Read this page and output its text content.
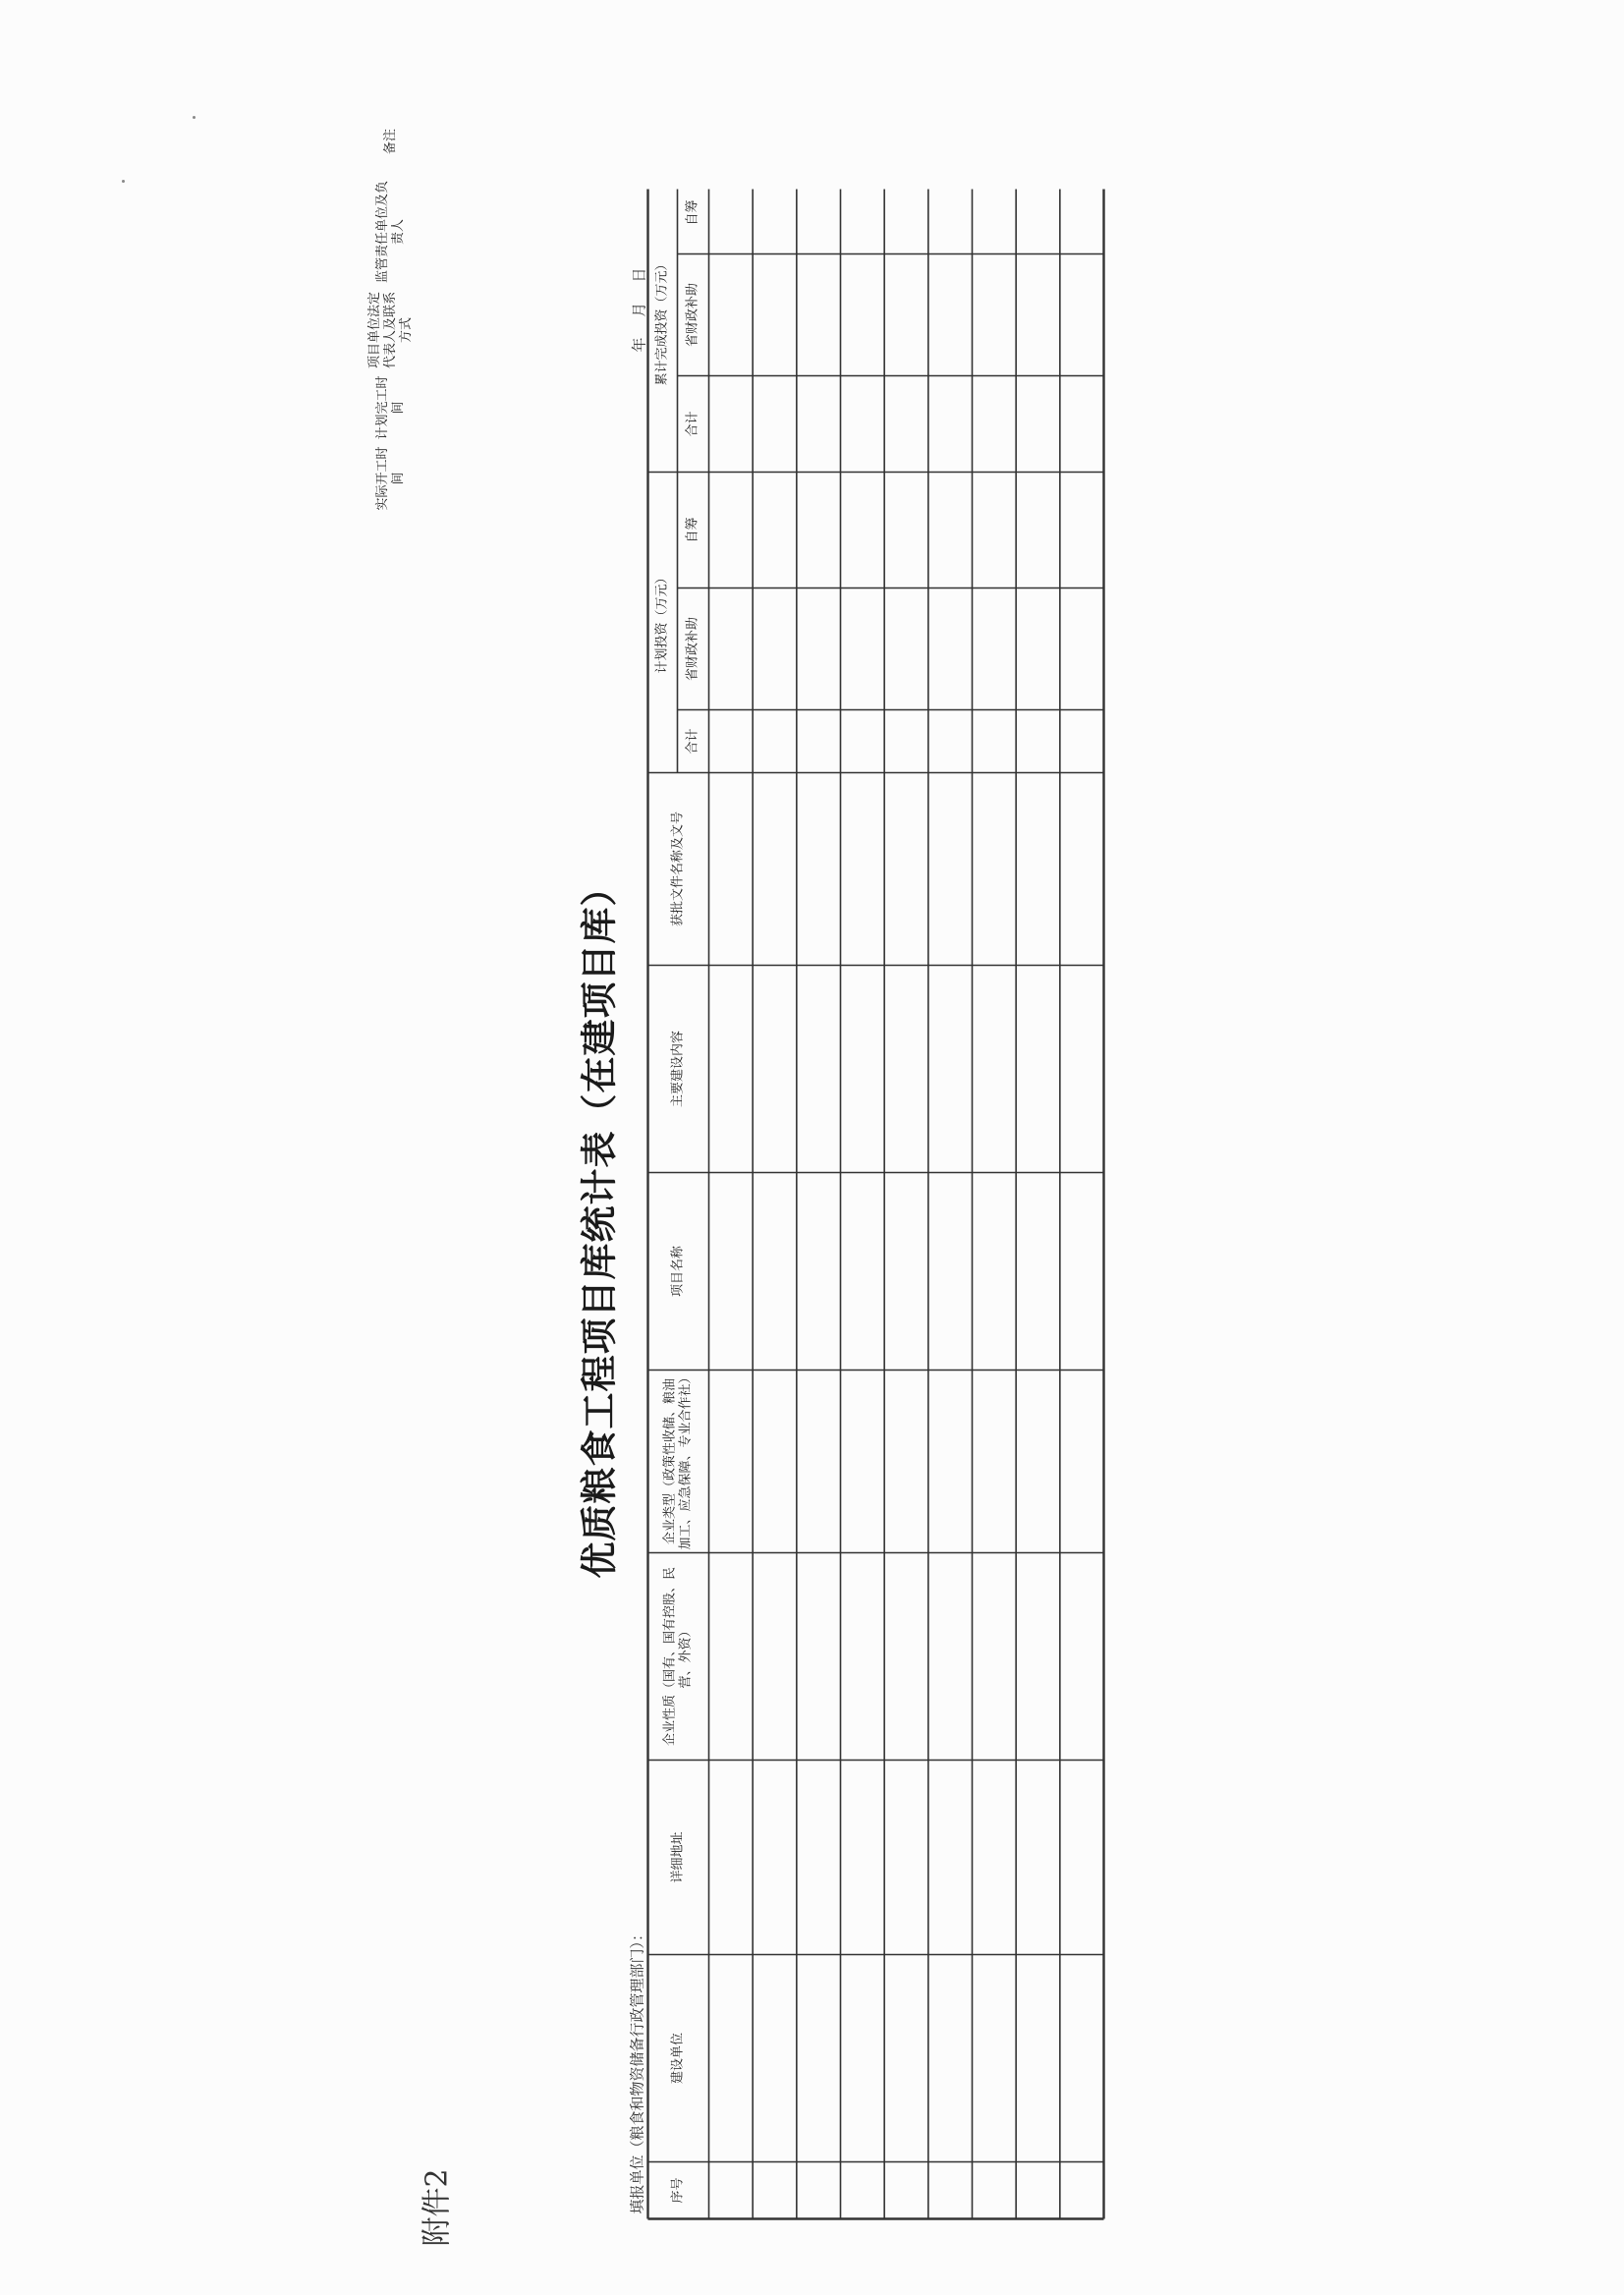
附件2
优质粮食工程项目库统计表（在建项目库）
填报单位（粮食和物资储备行政管理部门）：
年月日
序号
建设单位
详细地址
企业性质（国有、国有控股、民营、外资）
企业类型（政策性收储、粮油加工、应急保障、专业合作社）
项目名称
主要建设内容
获批文件名称及文号
计划投资（万元）
合计
省财政补助
自筹
累计完成投资（万元）
合计
省财政补助
自筹
实际开工时间
计划完工时间
项目单位法定代表人及联系方式
监管责任单位及负责人
备注
